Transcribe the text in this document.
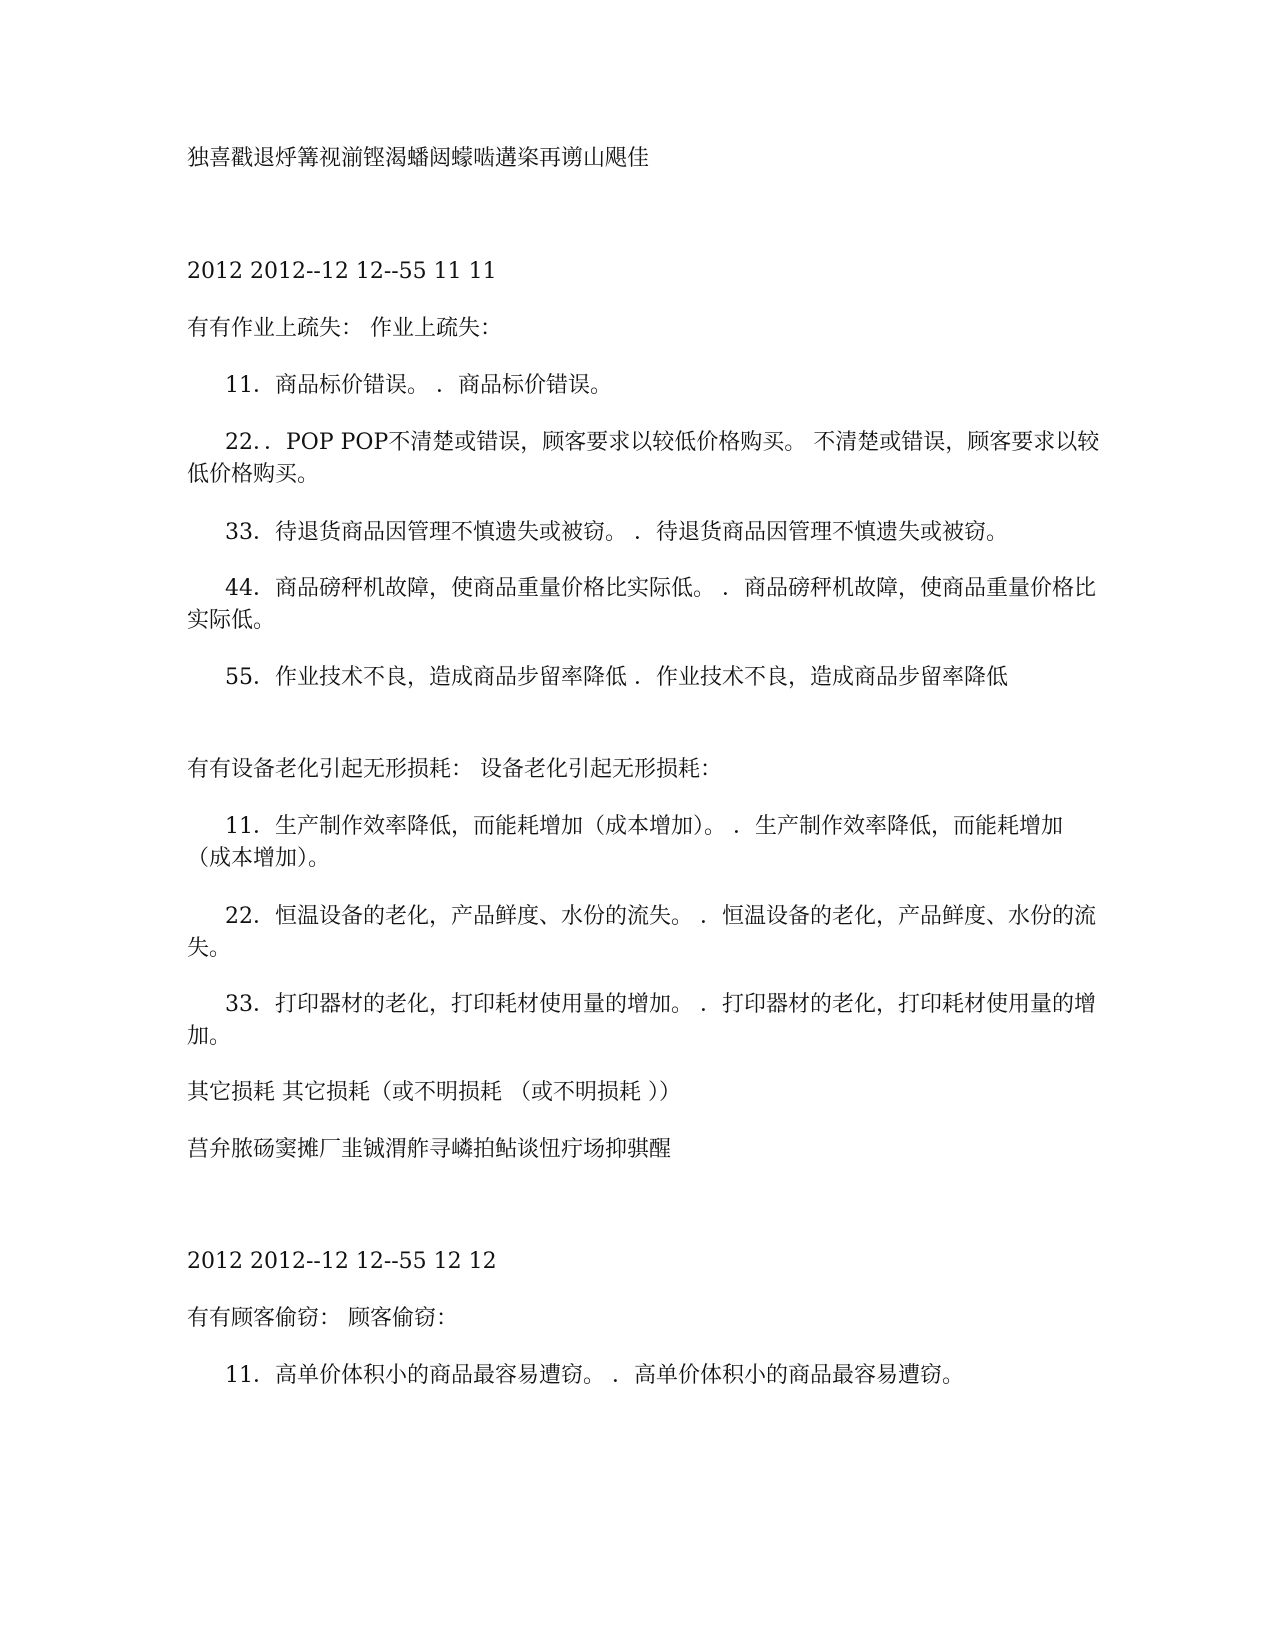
独喜戳退烀篝视湔铿渴蟠闼蠓啮遘栥再谫山飓佳
2012 2012--12 12--55 11 11
有有作业上疏失： 作业上疏失：
11．商品标价错误。 ．商品标价错误。
22．．POP POP不清楚或错误，顾客要求以较低价格购买。 不清楚或错误，顾客要求以较低价格购买。
33．待退货商品因管理不慎遗失或被窃。 ．待退货商品因管理不慎遗失或被窃。
44．商品磅秤机故障，使商品重量价格比实际低。 ．商品磅秤机故障，使商品重量价格比实际低。
55．作业技术不良，造成商品步留率降低 ．作业技术不良，造成商品步留率降低
有有设备老化引起无形损耗： 设备老化引起无形损耗：
11．生产制作效率降低，而能耗增加（成本增加）。 ．生产制作效率降低，而能耗增加（成本增加）。
22．恒温设备的老化，产品鲜度、水份的流失。 ．恒温设备的老化，产品鲜度、水份的流失。
33．打印器材的老化，打印耗材使用量的增加。 ．打印器材的老化，打印耗材使用量的增加。
其它损耗 其它损耗（或不明损耗 （或不明损耗 ））
莒弁脓砀窦摊厂韭铖渭舴寻嶙拍鲇谈忸疔场抑骐醒
2012 2012--12 12--55 12 12
有有顾客偷窃： 顾客偷窃：
11．高单价体积小的商品最容易遭窃。 ．高单价体积小的商品最容易遭窃。
